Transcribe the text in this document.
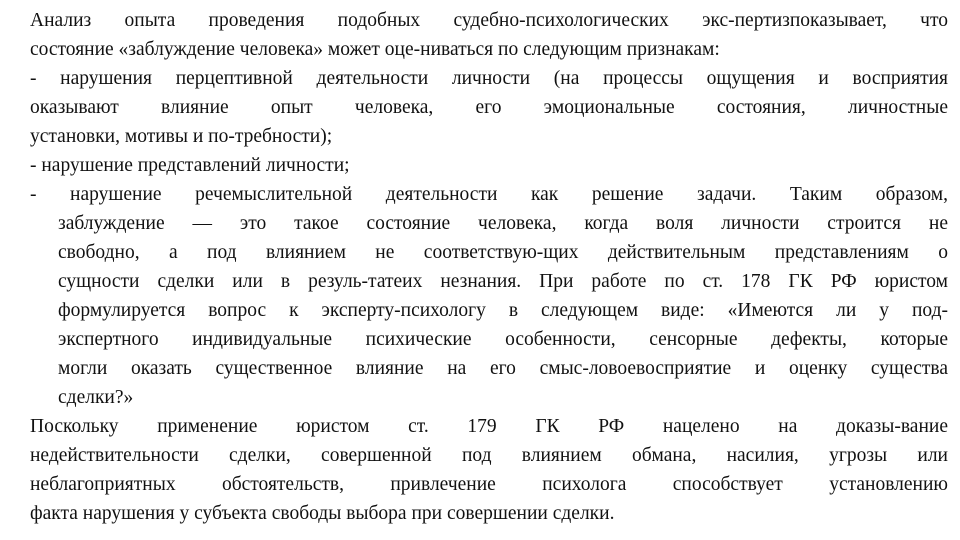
Анализ опыта проведения подобных судебно-психологических экс-пертизпоказывает, что
состояние «заблуждение человека» может оце-ниваться по следующим признакам:
- нарушения перцептивной деятельности личности (на процессы ощущения и восприятия
оказывают влияние опыт человека, его эмоциональные состояния, личностные
установки, мотивы и по-требности);
- нарушение представлений личности;
- нарушение речемыслительной деятельности как решение задачи. Таким образом,
заблуждение — это такое состояние человека, когда воля личности строится не
свободно, а под влиянием не соответствую-щих действительным представлениям о
сущности сделки или в резуль-татеих незнания. При работе по ст. 178 ГК РФ юристом
формулируется вопрос к эксперту-психологу в следующем виде: «Имеются ли у под-
экспертного индивидуальные психические особенности, сенсорные дефекты, которые
могли оказать существенное влияние на его смыс-ловоевосприятие и оценку существа
сделки?»
Поскольку применение юристом ст. 179 ГК РФ нацелено на доказы-вание
недействительности сделки, совершенной под влиянием обмана, насилия, угрозы или
неблагоприятных обстоятельств, привлечение психолога способствует установлению
факта нарушения у субъекта свободы выбора при совершении сделки.
